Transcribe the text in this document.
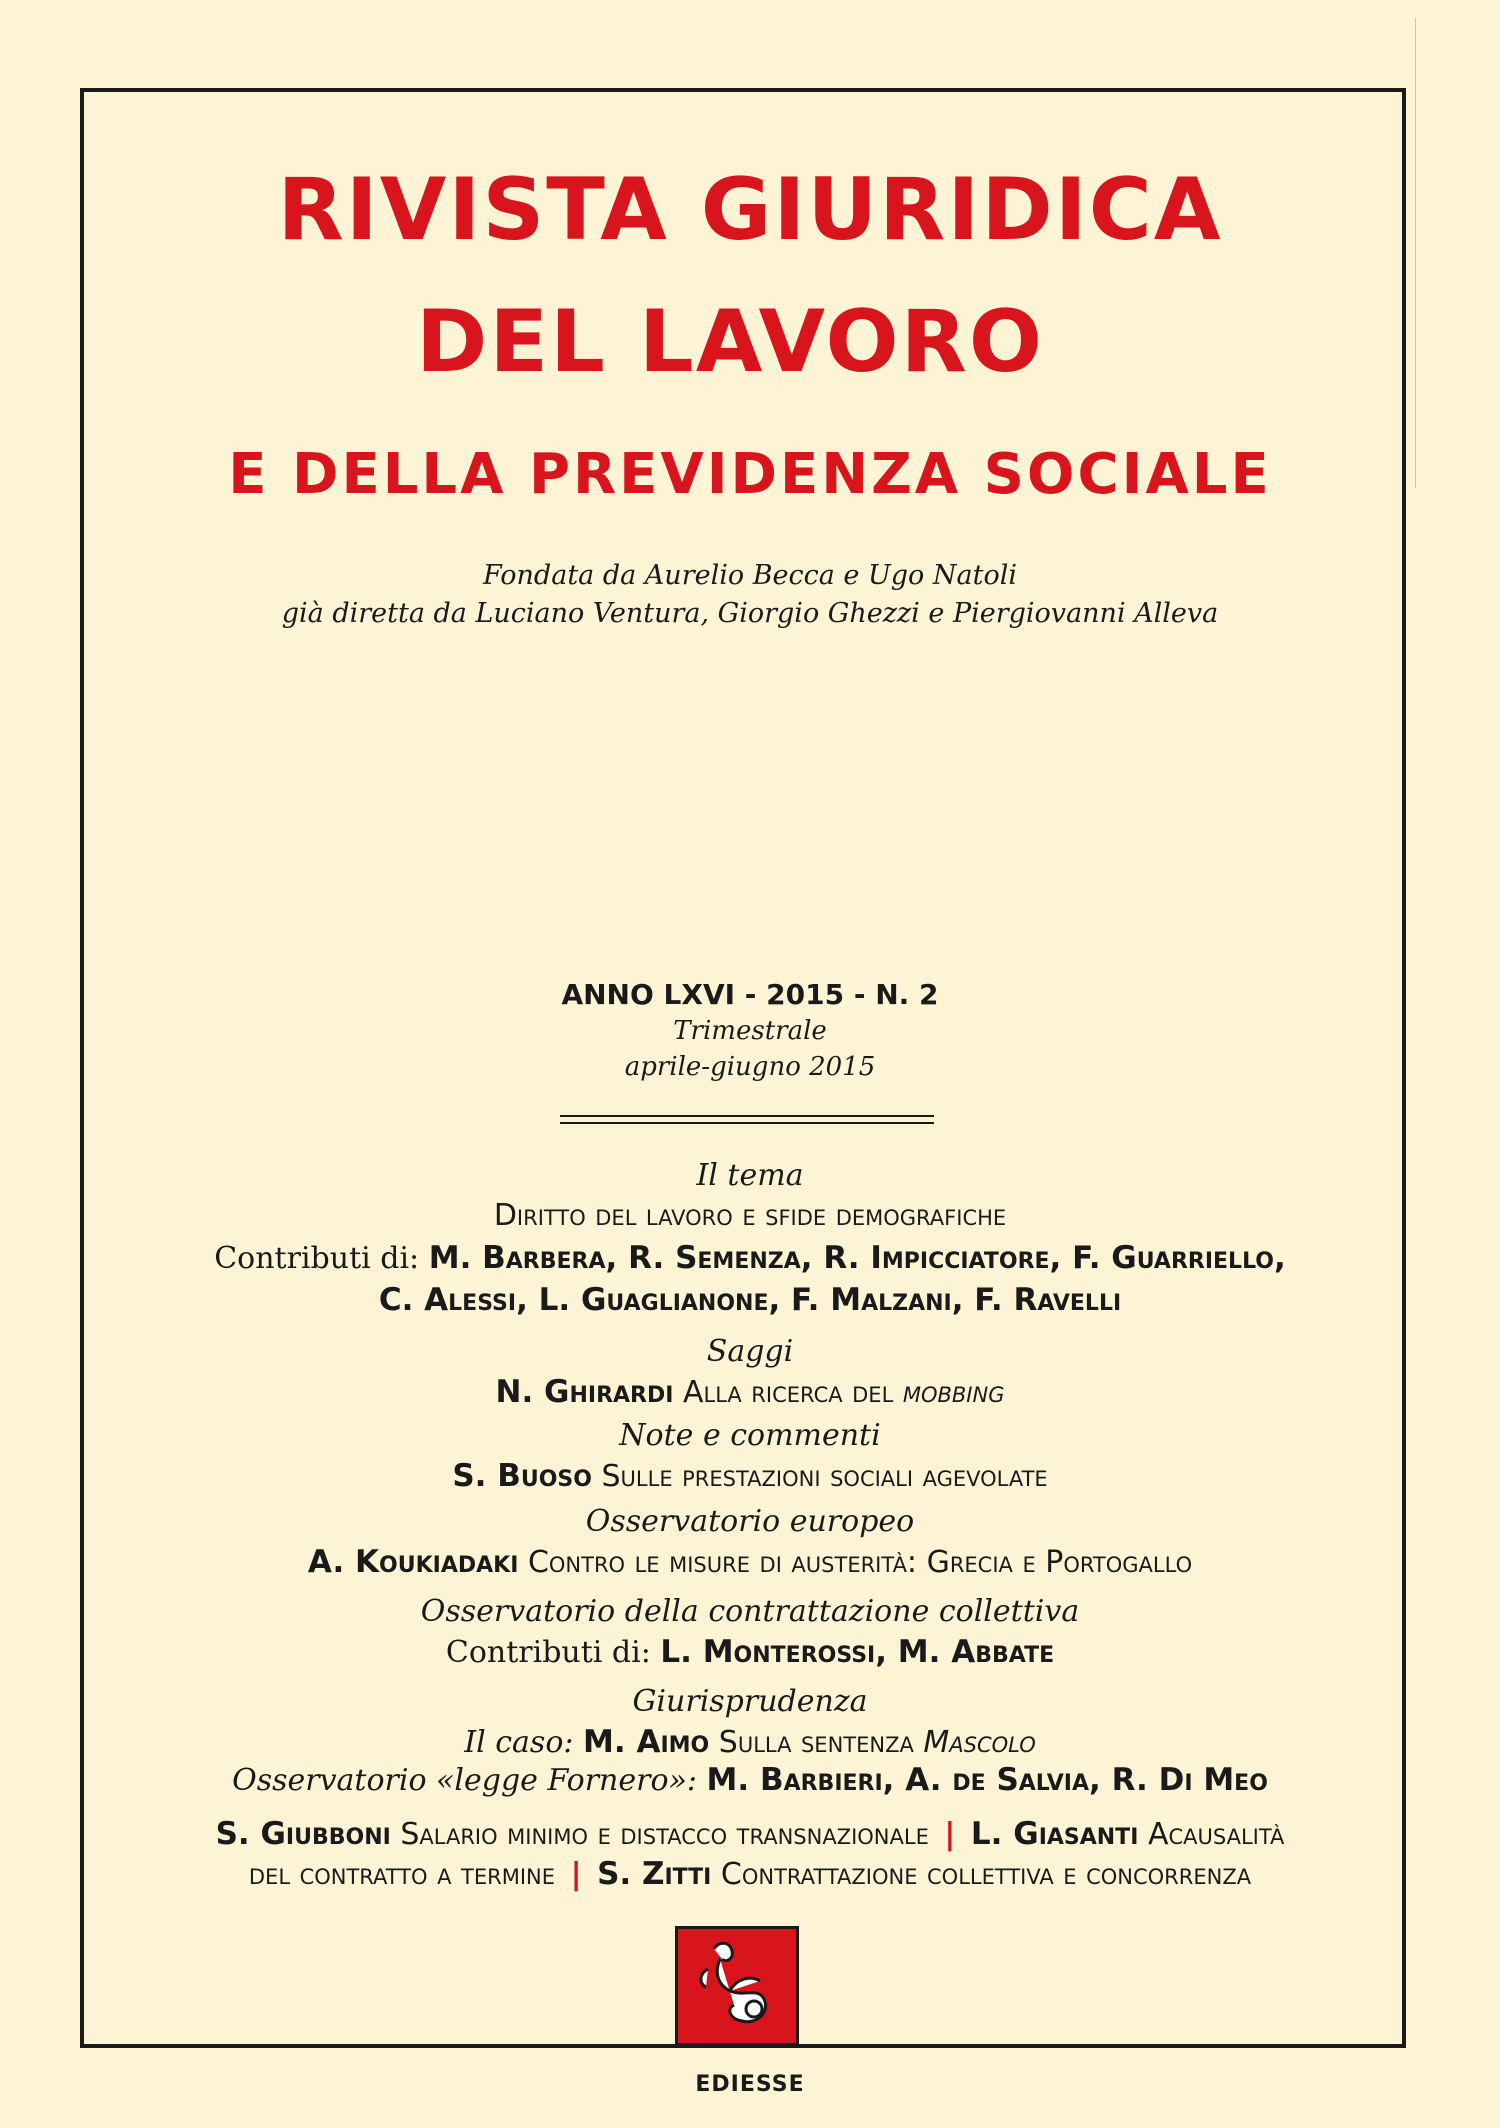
RIVISTA GIURIDICA
DEL LAVORO
E DELLA PREVIDENZA SOCIALE
Fondata da Aurelio Becca e Ugo Natoli
già diretta da Luciano Ventura, Giorgio Ghezzi e Piergiovanni Alleva
ANNO LXVI - 2015 - N. 2
Trimestrale
aprile-giugno 2015
Il tema
Diritto del lavoro e sfide demografiche
Contributi di: M. Barbera, R. Semenza, R. Impicciatore, F. Guarriello,
C. Alessi, L. Guaglianone, F. Malzani, F. Ravelli
Saggi
N. Ghirardi Alla ricerca del mobbing
Note e commenti
S. Buoso Sulle prestazioni sociali agevolate
Osservatorio europeo
A. Koukiadaki Contro le misure di austerità: Grecia e Portogallo
Osservatorio della contrattazione collettiva
Contributi di: L. Monterossi, M. Abbate
Giurisprudenza
Il caso: M. Aimo Sulla sentenza Mascolo
Osservatorio «legge Fornero»: M. Barbieri, A. de Salvia, R. Di Meo
S. Giubboni Salario minimo e distacco transnazionale | L. Giasanti Acausalità
del contratto a termine | S. Zitti Contrattazione collettiva e concorrenza
EDIESSE
